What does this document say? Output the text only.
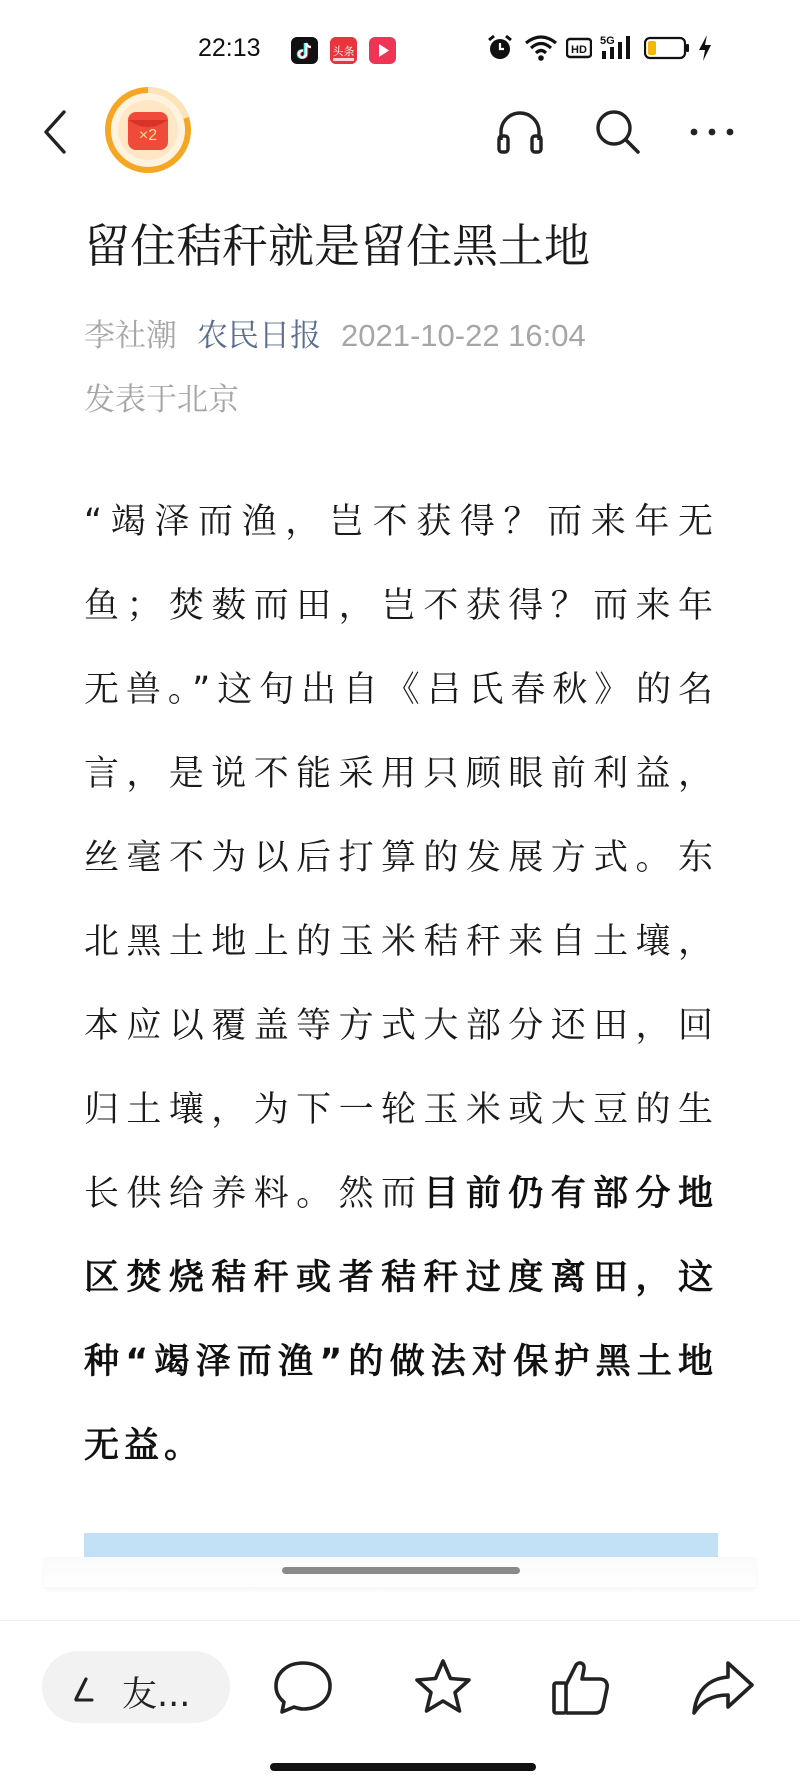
22:13	头条	HD
5G
×2
留住秸秆就是留住黑土地
李社潮 农民日报 2021-10-22 16:04
发表于北京

“竭泽而渔，岂不获得？而来年无鱼；焚薮而田，岂不获得？而来年无兽。”这句出自《吕氏春秋》的名言，是说不能采用只顾眼前利益，丝毫不为以后打算的发展方式。东北黑土地上的玉米秸秆来自土壤，本应以覆盖等方式大部分还田，回归土壤，为下一轮玉米或大豆的生长供给养料。然而目前仍有部分地区焚烧秸秆或者秸秆过度离田，这种“竭泽而渔”的做法对保护黑土地无益。

友...
